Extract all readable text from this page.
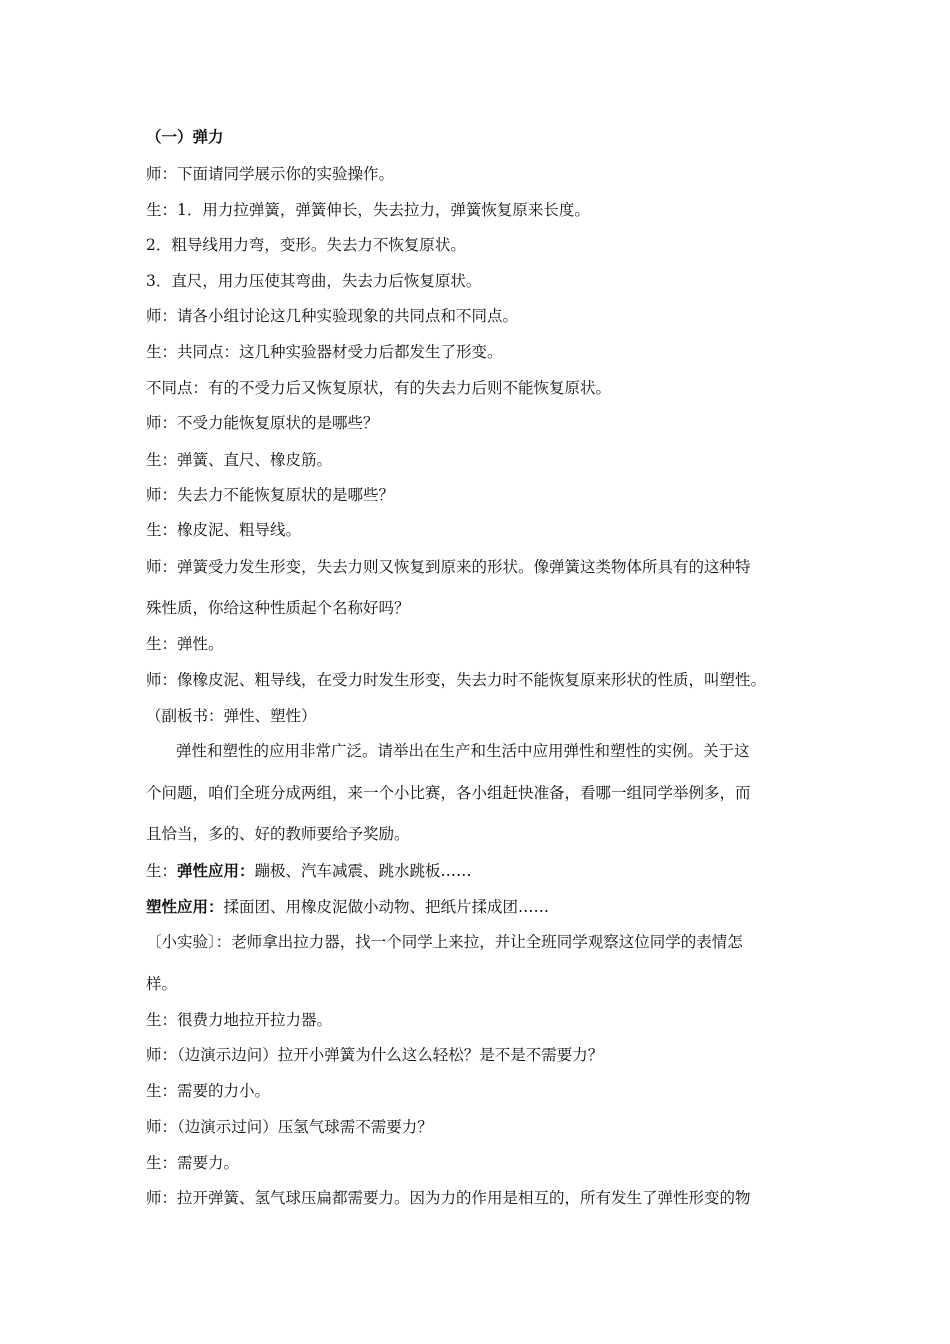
（一）弹力
师：下面请同学展示你的实验操作。
生：1．用力拉弹簧，弹簧伸长，失去拉力，弹簧恢复原来长度。
2．粗导线用力弯，变形。失去力不恢复原状。
3．直尺，用力压使其弯曲，失去力后恢复原状。
师：请各小组讨论这几种实验现象的共同点和不同点。
生：共同点：这几种实验器材受力后都发生了形变。
不同点：有的不受力后又恢复原状，有的失去力后则不能恢复原状。
师：不受力能恢复原状的是哪些？
生：弹簧、直尺、橡皮筋。
师：失去力不能恢复原状的是哪些？
生：橡皮泥、粗导线。
师：弹簧受力发生形变，失去力则又恢复到原来的形状。像弹簧这类物体所具有的这种特
殊性质，你给这种性质起个名称好吗？
生：弹性。
师：像橡皮泥、粗导线，在受力时发生形变，失去力时不能恢复原来形状的性质，叫塑性。
（副板书：弹性、塑性）
弹性和塑性的应用非常广泛。请举出在生产和生活中应用弹性和塑性的实例。关于这
个问题，咱们全班分成两组，来一个小比赛，各小组赶快准备，看哪一组同学举例多，而
且恰当，多的、好的教师要给予奖励。
生：弹性应用：蹦极、汽车减震、跳水跳板……
塑性应用：揉面团、用橡皮泥做小动物、把纸片揉成团……
〔小实验〕：老师拿出拉力器，找一个同学上来拉，并让全班同学观察这位同学的表情怎
样。
生：很费力地拉开拉力器。
师：（边演示边问）拉开小弹簧为什么这么轻松？是不是不需要力？
生：需要的力小。
师：（边演示过问）压氢气球需不需要力？
生：需要力。
师：拉开弹簧、氢气球压扁都需要力。因为力的作用是相互的，所有发生了弹性形变的物
